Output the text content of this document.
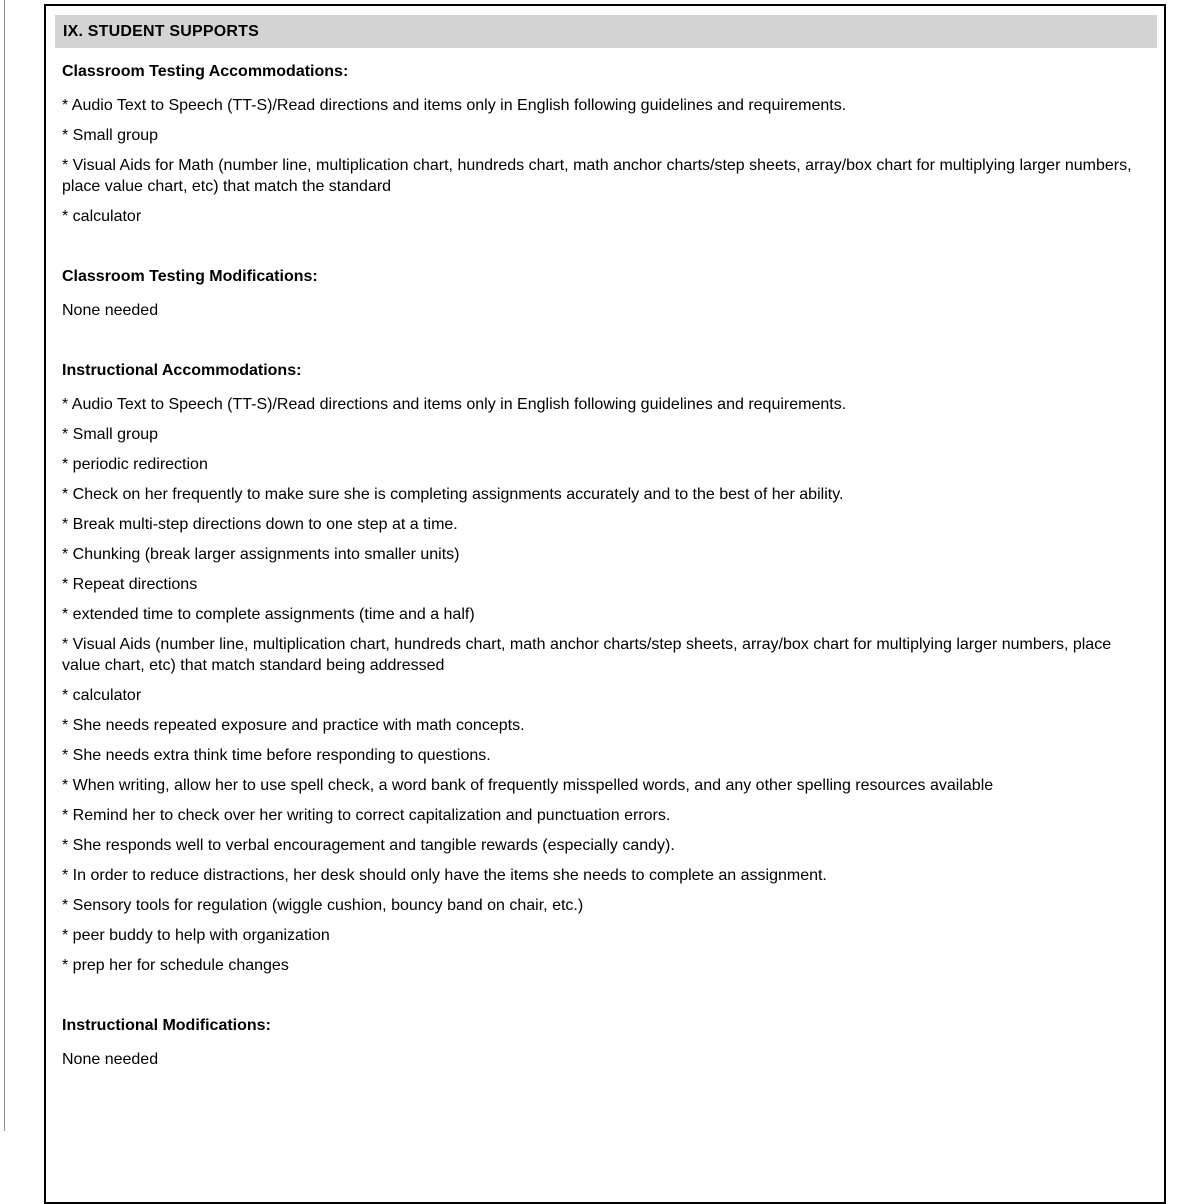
IX. STUDENT SUPPORTS
Classroom Testing Accommodations:

* Audio Text to Speech (TT-S)/Read directions and items only in English following guidelines and requirements.

* Small group

* Visual Aids for Math (number line, multiplication chart, hundreds chart, math anchor charts/step sheets, array/box chart for multiplying larger numbers, place value chart, etc) that match the standard

* calculator

Classroom Testing Modifications:

None needed

Instructional Accommodations:

* Audio Text to Speech (TT-S)/Read directions and items only in English following guidelines and requirements.

* Small group

* periodic redirection

* Check on her frequently to make sure she is completing assignments accurately and to the best of her ability.

* Break multi-step directions down to one step at a time.

* Chunking (break larger assignments into smaller units)

* Repeat directions

* extended time to complete assignments (time and a half)

* Visual Aids (number line, multiplication chart, hundreds chart, math anchor charts/step sheets, array/box chart for multiplying larger numbers, place value chart, etc) that match standard being addressed

* calculator

* She needs repeated exposure and practice with math concepts.

* She needs extra think time before responding to questions.

* When writing, allow her to use spell check, a word bank of frequently misspelled words, and any other spelling resources available

* Remind her to check over her writing to correct capitalization and punctuation errors.

* She responds well to verbal encouragement and tangible rewards (especially candy).

* In order to reduce distractions, her desk should only have the items she needs to complete an assignment.

* Sensory tools for regulation (wiggle cushion, bouncy band on chair, etc.)

* peer buddy to help with organization

* prep her for schedule changes

Instructional Modifications:

None needed
